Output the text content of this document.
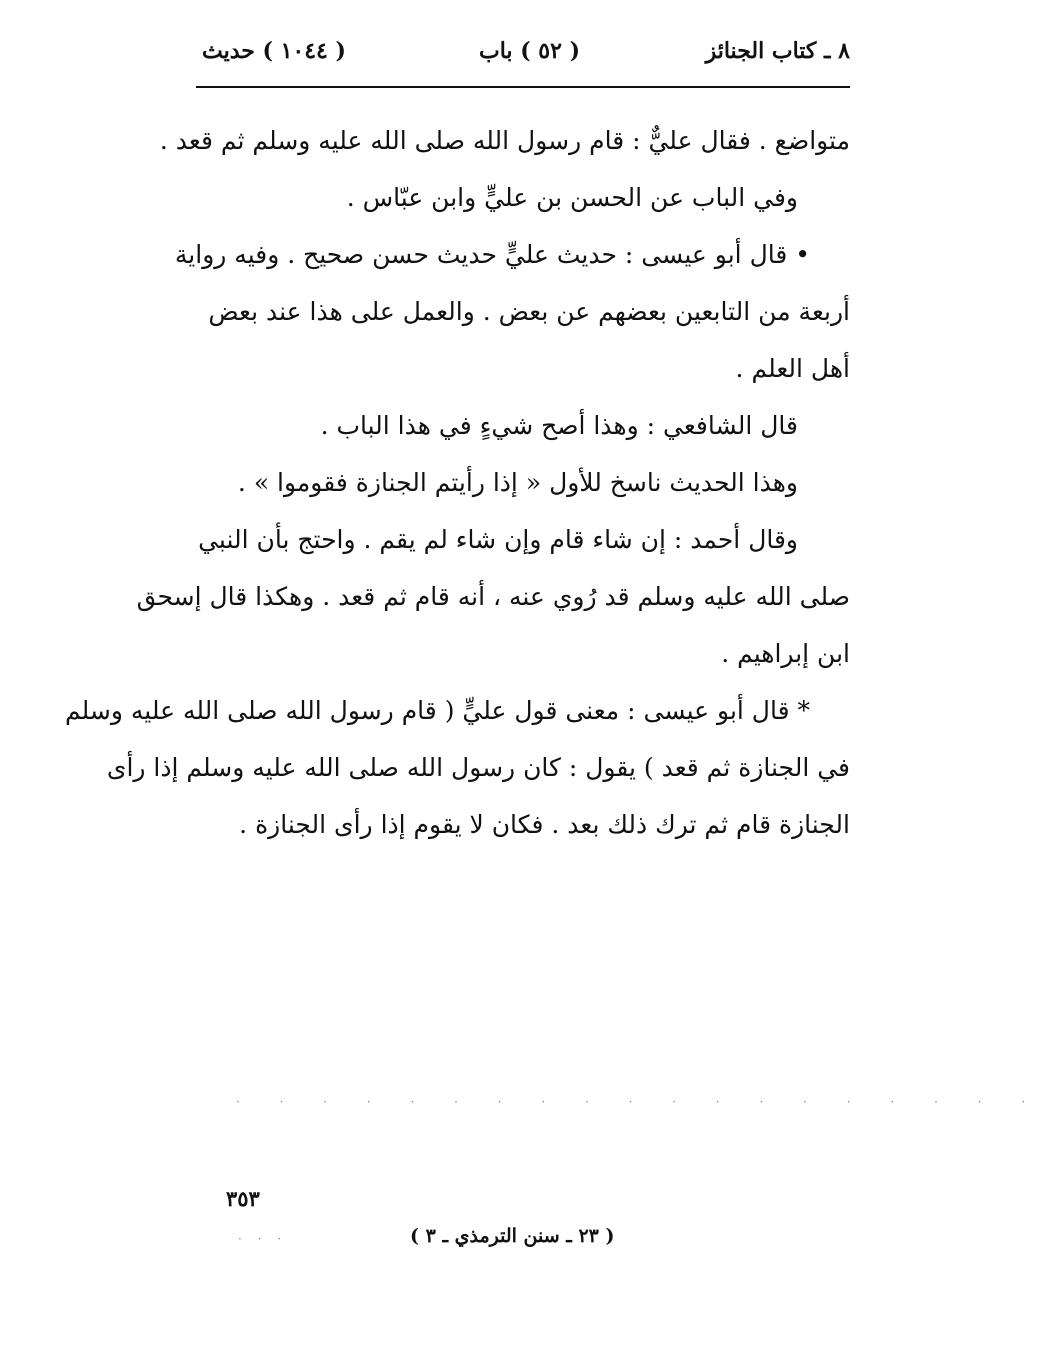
٨ ـ كتاب الجنائز
( ٥٢ ) باب
( ١٠٤٤ ) حديث
متواضع . فقال عليٌّ : قام رسول الله صلى الله عليه وسلم ثم قعد .
وفي الباب عن الحسن بن عليٍّ وابن عبّاس .
• قال أبو عيسى : حديث عليٍّ حديث حسن صحيح . وفيه رواية
أربعة من التابعين بعضهم عن بعض . والعمل على هذا عند بعض
أهل العلم .
قال الشافعي : وهذا أصح شيءٍ في هذا الباب .
وهذا الحديث ناسخ للأول « إذا رأيتم الجنازة فقوموا » .
وقال أحمد : إن شاء قام وإن شاء لم يقم . واحتج بأن النبي
صلى الله عليه وسلم قد رُوي عنه ، أنه قام ثم قعد . وهكذا قال إسحق
ابن إبراهيم .
* قال أبو عيسى : معنى قول عليٍّ ( قام رسول الله صلى الله عليه وسلم
في الجنازة ثم قعد ) يقول : كان رسول الله صلى الله عليه وسلم إذا رأى
الجنازة قام ثم ترك ذلك بعد . فكان لا يقوم إذا رأى الجنازة .
· · · · · · · · · · · · · · · · · · ·
· · ·
٣٥٣
( ٢٣ ـ سنن الترمذي ـ ٣ )
